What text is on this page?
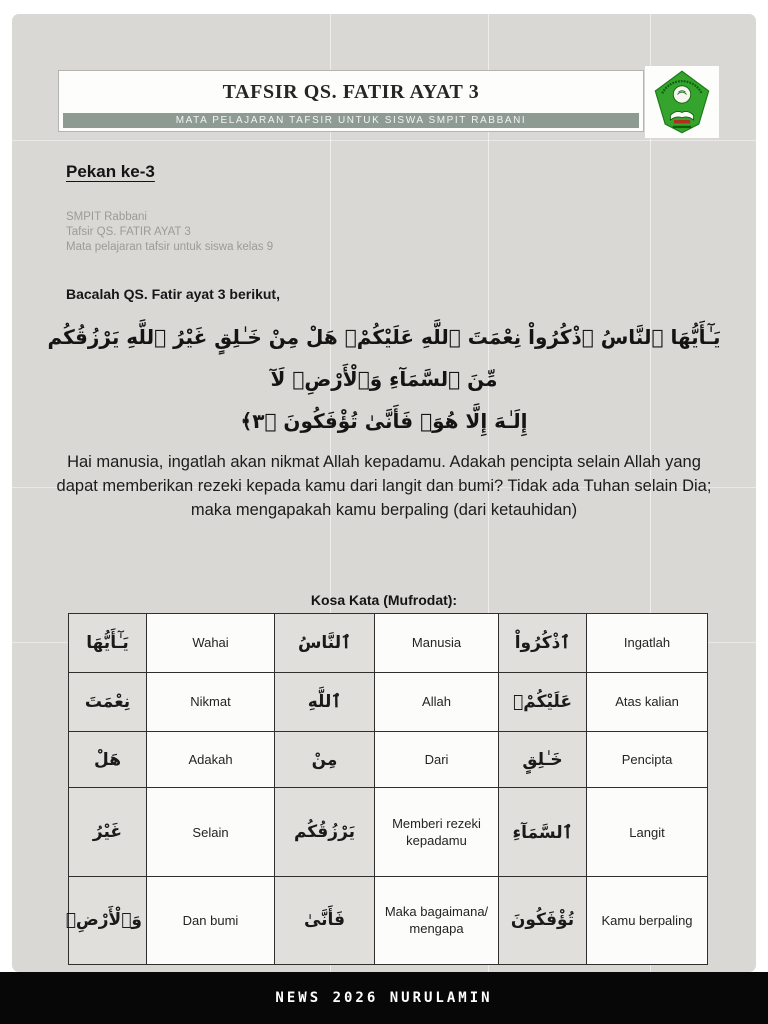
TAFSIR QS. FATIR AYAT 3
MATA PELAJARAN TAFSIR UNTUK SISWA SMPIT RABBANI
Pekan ke-3
SMPIT Rabbani
Tafsir QS. FATIR AYAT 3
Mata pelajaran tafsir untuk siswa kelas 9
Bacalah QS. Fatir ayat 3 berikut,
يَـٰٓأَيُّهَا ٱلنَّاسُ ٱذْكُرُواْ نِعْمَتَ ٱللَّهِ عَلَيْكُمْۚ هَلْ مِنْ خَـٰلِقٍ غَيْرُ ٱللَّهِ يَرْزُقُكُم مِّنَ ٱلسَّمَآءِ وَٱلْأَرْضِۚ لَآ
إِلَـٰهَ إِلَّا هُوَۖ فَأَنَّىٰ تُؤْفَكُونَ ﴿٣﴾
Hai manusia, ingatlah akan nikmat Allah kepadamu. Adakah pencipta selain Allah yang dapat memberikan rezeki kepada kamu dari langit dan bumi? Tidak ada Tuhan selain Dia; maka mengapakah kamu berpaling (dari ketauhidan)
Kosa Kata (Mufrodat):
يَـٰٓأَيُّهَا	Wahai	ٱلنَّاسُ	Manusia	ٱذْكُرُواْ	Ingatlah
نِعْمَتَ	Nikmat	ٱللَّهِ	Allah	عَلَيْكُمْۚ	Atas kalian
هَلْ	Adakah	مِنْ	Dari	خَـٰلِقٍ	Pencipta
غَيْرُ	Selain	يَرْزُقُكُم	Memberi rezeki kepadamu	ٱلسَّمَآءِ	Langit
وَٱلْأَرْضِۚ	Dan bumi	فَأَنَّىٰ	Maka bagaimana/ mengapa	تُؤْفَكُونَ	Kamu berpaling
NEWS 2026 NURULAMIN
